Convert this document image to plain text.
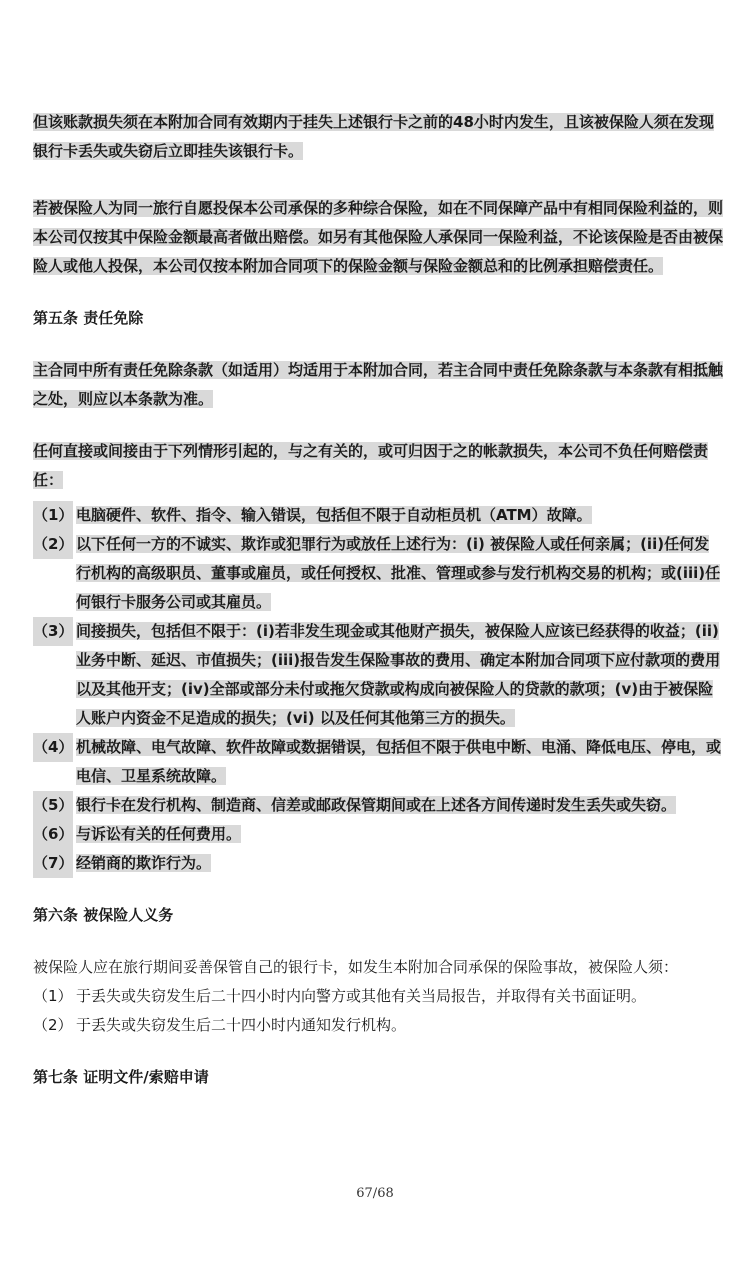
但该账款损失须在本附加合同有效期内于挂失上述银行卡之前的48小时内发生，且该被保险人须在发现银行卡丢失或失窃后立即挂失该银行卡。

若被保险人为同一旅行自愿投保本公司承保的多种综合保险，如在不同保障产品中有相同保险利益的，则本公司仅按其中保险金额最高者做出赔偿。如另有其他保险人承保同一保险利益，不论该保险是否由被保险人或他人投保，本公司仅按本附加合同项下的保险金额与保险金额总和的比例承担赔偿责任。

第五条 责任免除

主合同中所有责任免除条款（如适用）均适用于本附加合同，若主合同中责任免除条款与本条款有相抵触之处，则应以本条款为准。

任何直接或间接由于下列情形引起的，与之有关的，或可归因于之的帐款损失，本公司不负任何赔偿责任：

（1） 电脑硬件、软件、指令、输入错误，包括但不限于自动柜员机（ATM）故障。
（2） 以下任何一方的不诚实、欺诈或犯罪行为或放任上述行为：(i) 被保险人或任何亲属；(ii)任何发行机构的高级职员、董事或雇员，或任何授权、批准、管理或参与发行机构交易的机构；或(iii)任何银行卡服务公司或其雇员。
（3） 间接损失，包括但不限于：(i)若非发生现金或其他财产损失，被保险人应该已经获得的收益；(ii) 业务中断、延迟、市值损失；(iii)报告发生保险事故的费用、确定本附加合同项下应付款项的费用以及其他开支；(iv)全部或部分未付或拖欠贷款或构成向被保险人的贷款的款项；(v)由于被保险人账户内资金不足造成的损失；(vi) 以及任何其他第三方的损失。
（4） 机械故障、电气故障、软件故障或数据错误，包括但不限于供电中断、电涌、降低电压、停电，或电信、卫星系统故障。
（5） 银行卡在发行机构、制造商、信差或邮政保管期间或在上述各方间传递时发生丢失或失窃。
（6） 与诉讼有关的任何费用。
（7） 经销商的欺诈行为。

第六条 被保险人义务

被保险人应在旅行期间妥善保管自己的银行卡，如发生本附加合同承保的保险事故，被保险人须：

（1） 于丢失或失窃发生后二十四小时内向警方或其他有关当局报告，并取得有关书面证明。
（2） 于丢失或失窃发生后二十四小时内通知发行机构。

第七条 证明文件/索赔申请

67/68
